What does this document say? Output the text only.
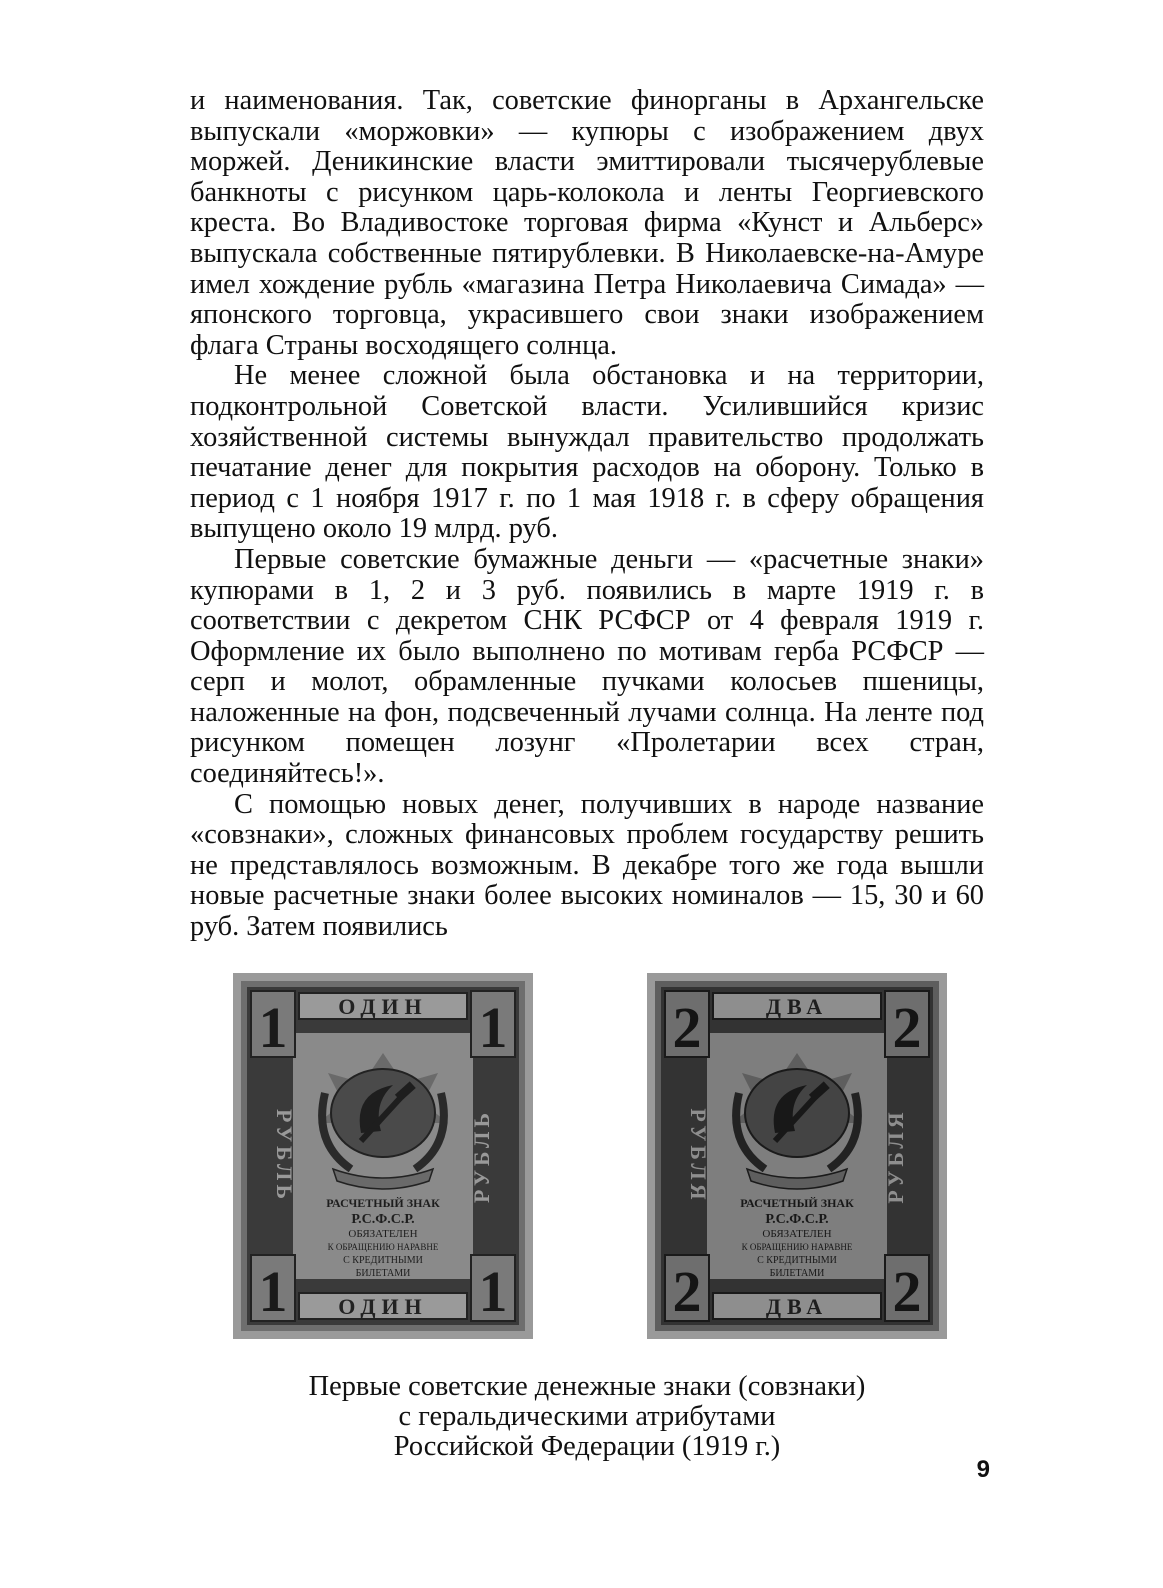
и наименования. Так, советские финорганы в Архангельске выпускали «моржовки» — купюры с изображением двух моржей. Деникинские власти эмиттировали тысячерублевые банкноты с рисунком царь-колокола и ленты Георгиевского креста. Во Владивостоке торговая фирма «Кунст и Альберс» выпускала собственные пятирублевки. В Николаевске-на-Амуре имел хождение рубль «магазина Петра Николаевича Симада» — японского торговца, украсившего свои знаки изображением флага Страны восходящего солнца.

Не менее сложной была обстановка и на территории, подконтрольной Советской власти. Усилившийся кризис хозяйственной системы вынуждал правительство продолжать печатание денег для покрытия расходов на оборону. Только в период с 1 ноября 1917 г. по 1 мая 1918 г. в сферу обращения выпущено около 19 млрд. руб.

Первые советские бумажные деньги — «расчетные знаки» купюрами в 1, 2 и 3 руб. появились в марте 1919 г. в соответствии с декретом СНК РСФСР от 4 февраля 1919 г. Оформление их было выполнено по мотивам герба РСФСР — серп и молот, обрамленные пучками колосьев пшеницы, наложенные на фон, подсвеченный лучами солнца. На ленте под рисунком помещен лозунг «Пролетарии всех стран, соединяйтесь!».

С помощью новых денег, получивших в народе название «совзнаки», сложных финансовых проблем государству решить не представлялось возможным. В декабре того же года вышли новые расчетные знаки более высоких номиналов — 15, 30 и 60 руб. Затем появились

1	1
1	1
ОДИН
ОДИН
РУБЛЬ	РУБЛЬ
РАСЧЕТНЫЙ ЗНАК
Р.С.Ф.С.Р.
ОБЯЗАТЕЛЕН
К ОБРАЩЕНИЮ НАРАВНЕ
С КРЕДИТНЫМИ
БИЛЕТАМИ
2	2
2	2
ДВА
ДВА
РУБЛЯ	РУБЛЯ
РАСЧЕТНЫЙ ЗНАК
Р.С.Ф.С.Р.
ОБЯЗАТЕЛЕН
К ОБРАЩЕНИЮ НАРАВНЕ
С КРЕДИТНЫМИ
БИЛЕТАМИ
Первые советские денежные знаки (совзнаки)
с геральдическими атрибутами
Российской Федерации (1919 г.)
9
